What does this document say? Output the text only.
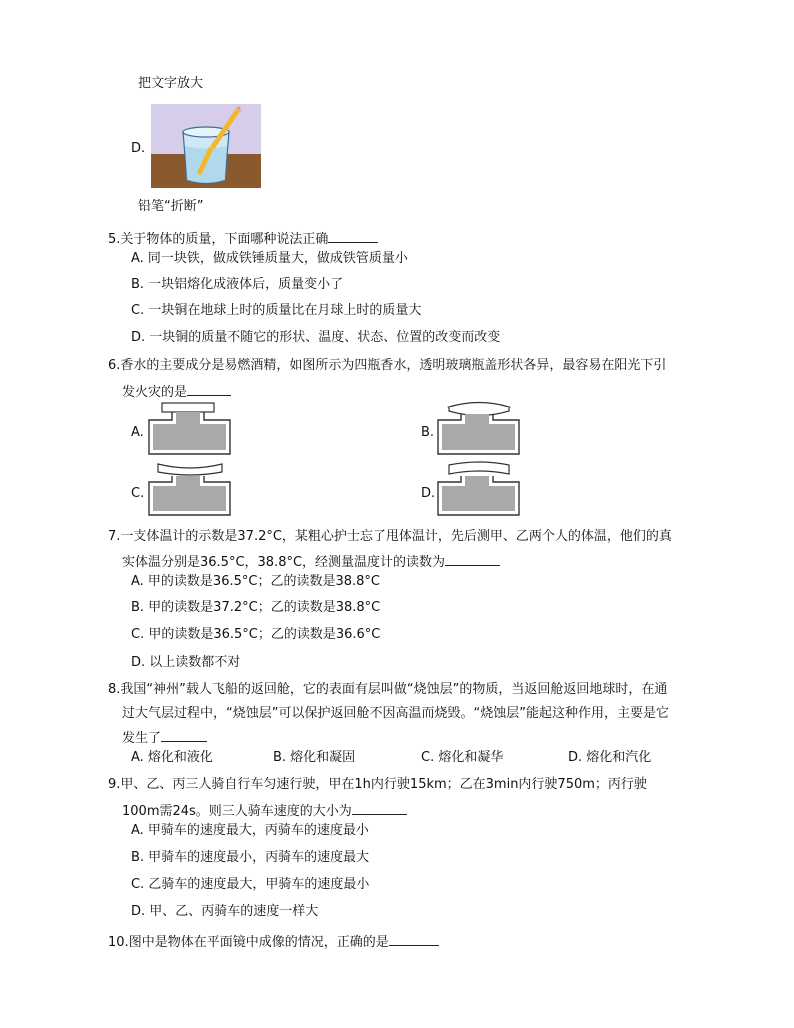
把文字放大
D.
铅笔“折断”
5.关于物体的质量，下面哪种说法正确
A. 同一块铁，做成铁锤质量大，做成铁管质量小
B. 一块铝熔化成液体后，质量变小了
C. 一块铜在地球上时的质量比在月球上时的质量大
D. 一块铜的质量不随它的形状、温度、状态、位置的改变而改变
6.香水的主要成分是易燃酒精，如图所示为四瓶香水，透明玻璃瓶盖形状各异，最容易在阳光下引
发火灾的是
A.	B.
C.	D.
7.一支体温计的示数是37.2°C，某粗心护士忘了甩体温计，先后测甲、乙两个人的体温，他们的真
实体温分别是36.5°C，38.8°C，经测量温度计的读数为
A. 甲的读数是36.5°C；乙的读数是38.8°C
B. 甲的读数是37.2°C；乙的读数是38.8°C
C. 甲的读数是36.5°C；乙的读数是36.6°C
D. 以上读数都不对
8.我国“神州”载人飞船的返回舱，它的表面有层叫做“烧蚀层”的物质，当返回舱返回地球时，在通
过大气层过程中，“烧蚀层”可以保护返回舱不因高温而烧毁。“烧蚀层”能起这种作用，主要是它
发生了
A. 熔化和液化	B. 熔化和凝固	C. 熔化和凝华	D. 熔化和汽化
9.甲、乙、丙三人骑自行车匀速行驶，甲在1h内行驶15km；乙在3min内行驶750m；丙行驶
100m需24s。则三人骑车速度的大小为
A. 甲骑车的速度最大，丙骑车的速度最小
B. 甲骑车的速度最小，丙骑车的速度最大
C. 乙骑车的速度最大，甲骑车的速度最小
D. 甲、乙、丙骑车的速度一样大
10.图中是物体在平面镜中成像的情况，正确的是
